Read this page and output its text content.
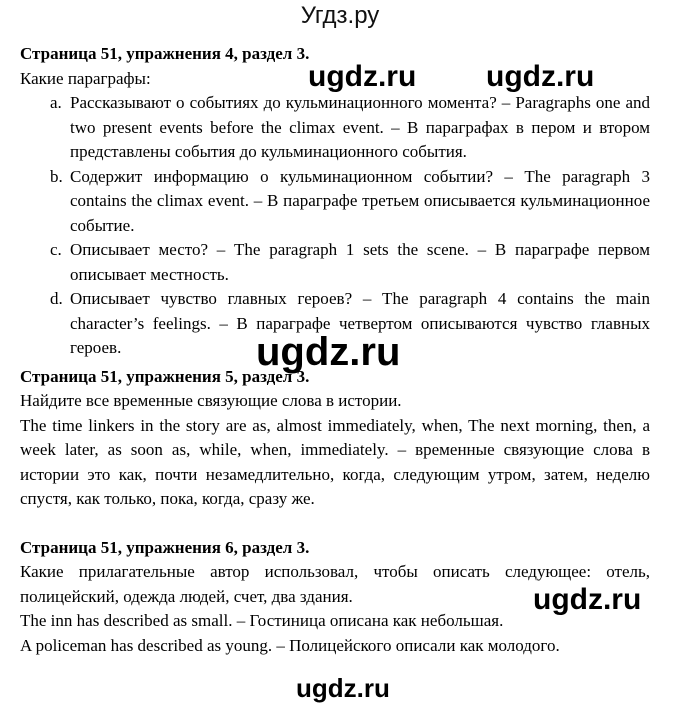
Угдз.ру
Страница 51, упражнения 4, раздел 3.
Какие параграфы:
a. Рассказывают о событиях до кульминационного момента? – Paragraphs one and two present events before the climax event. – В параграфах в пером и втором представлены события до кульминационного события.
b. Содержит информацию о кульминационном событии? – The paragraph 3 contains the climax event. – В параграфе третьем описывается кульминационное событие.
c. Описывает место? – The paragraph 1 sets the scene. – В параграфе первом описывает местность.
d. Описывает чувство главных героев? – The paragraph 4 contains the main character’s feelings. – В параграфе четвертом описываются чувство главных героев.
Страница 51, упражнения 5, раздел 3.
Найдите все временные связующие слова в истории.
The time linkers in the story are as, almost immediately, when, The next morning, then, a week later, as soon as, while, when, immediately. – временные связующие слова в истории это как, почти незамедлительно, когда, следующим утром, затем, неделю спустя, как только, пока, когда, сразу же.
Страница 51, упражнения 6, раздел 3.
Какие прилагательные автор использовал, чтобы описать следующее: отель, полицейский, одежда людей, счет, два здания.
The inn has described as small. – Гостиница описана как небольшая.
A policeman has described as young. – Полицейского описали как молодого.
ugdz.ru ugdz.ru
ugdz.ru
ugdz.ru
ugdz.ru
